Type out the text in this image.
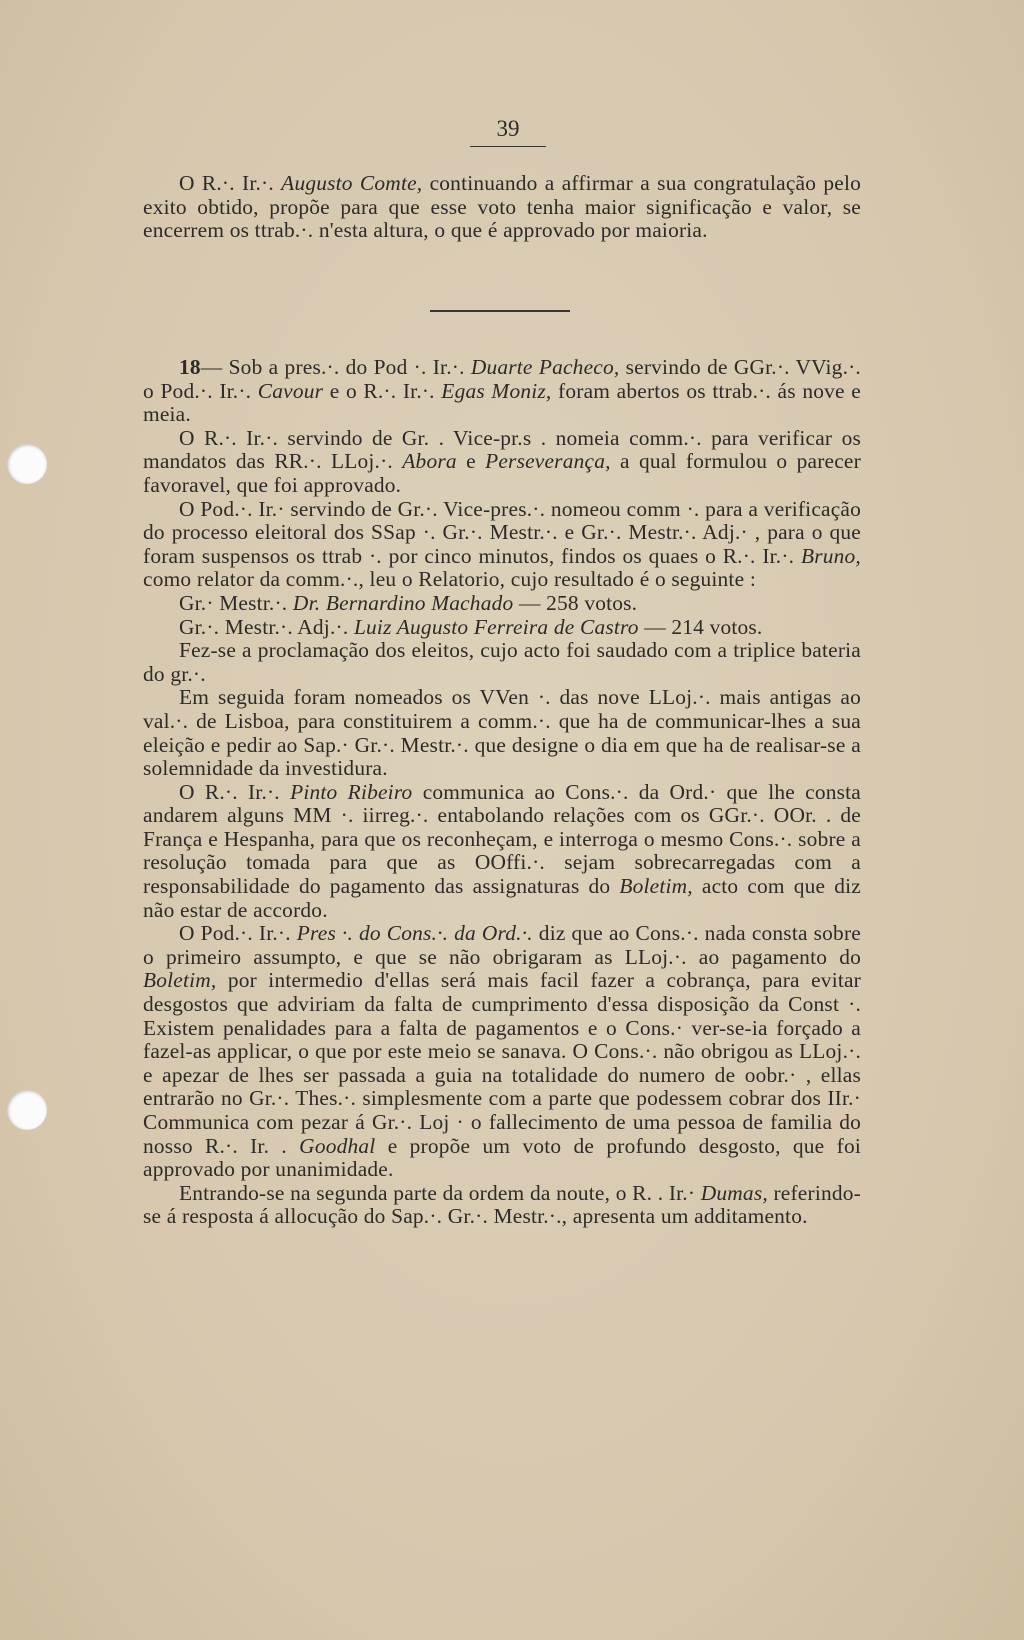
39

O R.·. Ir.·. Augusto Comte, continuando a affirmar a sua congratulação pelo exito obtido, propõe para que esse voto tenha maior significação e valor, se encerrem os ttrab.·. n'esta altura, o que é approvado por maioria.

18— Sob a pres.·. do Pod ·. Ir.·. Duarte Pacheco, servindo de GGr.·. VVig.·. o Pod.·. Ir.·. Cavour e o R.·. Ir.·. Egas Moniz, foram abertos os ttrab.·. ás nove e meia.

O R.·. Ir.·. servindo de Gr. . Vice-pr.s . nomeia comm.·. para verificar os mandatos das RR.·. LLoj.·. Abora e Perseverança, a qual formulou o parecer favoravel, que foi approvado.

O Pod.·. Ir.· servindo de Gr.·. Vice-pres.·. nomeou comm ·. para a verificação do processo eleitoral dos SSap ·. Gr.·. Mestr.·. e Gr.·. Mestr.·. Adj.· , para o que foram suspensos os ttrab ·. por cinco minutos, findos os quaes o R.·. Ir.·. Bruno, como relator da comm.·., leu o Relatorio, cujo resultado é o seguinte :

Gr.· Mestr.·. Dr. Bernardino Machado — 258 votos.

Gr.·. Mestr.·. Adj.·. Luiz Augusto Ferreira de Castro — 214 votos.

Fez-se a proclamação dos eleitos, cujo acto foi saudado com a triplice bateria do gr.·.

Em seguida foram nomeados os VVen ·. das nove LLoj.·. mais antigas ao val.·. de Lisboa, para constituirem a comm.·. que ha de communicar-lhes a sua eleição e pedir ao Sap.· Gr.·. Mestr.·. que designe o dia em que ha de realisar-se a solemnidade da investidura.

O R.·. Ir.·. Pinto Ribeiro communica ao Cons.·. da Ord.· que lhe consta andarem alguns MM ·. iirreg.·. entabolando relações com os GGr.·. OOr. . de França e Hespanha, para que os reconheçam, e interroga o mesmo Cons.·. sobre a resolução tomada para que as OOffi.·. sejam sobrecarregadas com a responsabilidade do pagamento das assignaturas do Boletim, acto com que diz não estar de accordo.

O Pod.·. Ir.·. Pres ·. do Cons.·. da Ord.·. diz que ao Cons.·. nada consta sobre o primeiro assumpto, e que se não obrigaram as LLoj.·. ao pagamento do Boletim, por intermedio d'ellas será mais facil fazer a cobrança, para evitar desgostos que adviriam da falta de cumprimento d'essa disposição da Const ·. Existem penalidades para a falta de pagamentos e o Cons.· ver-se-ia forçado a fazel-as applicar, o que por este meio se sanava. O Cons.·. não obrigou as LLoj.·. e apezar de lhes ser passada a guia na totalidade do numero de oobr.· , ellas entrarão no Gr.·. Thes.·. simplesmente com a parte que podessem cobrar dos IIr.· Communica com pezar á Gr.·. Loj · o fallecimento de uma pessoa de familia do nosso R.·. Ir. . Goodhal e propõe um voto de profundo desgosto, que foi approvado por unanimidade.

Entrando-se na segunda parte da ordem da noute, o R. . Ir.· Dumas, referindo-se á resposta á allocução do Sap.·. Gr.·. Mestr.·., apresenta um additamento.
